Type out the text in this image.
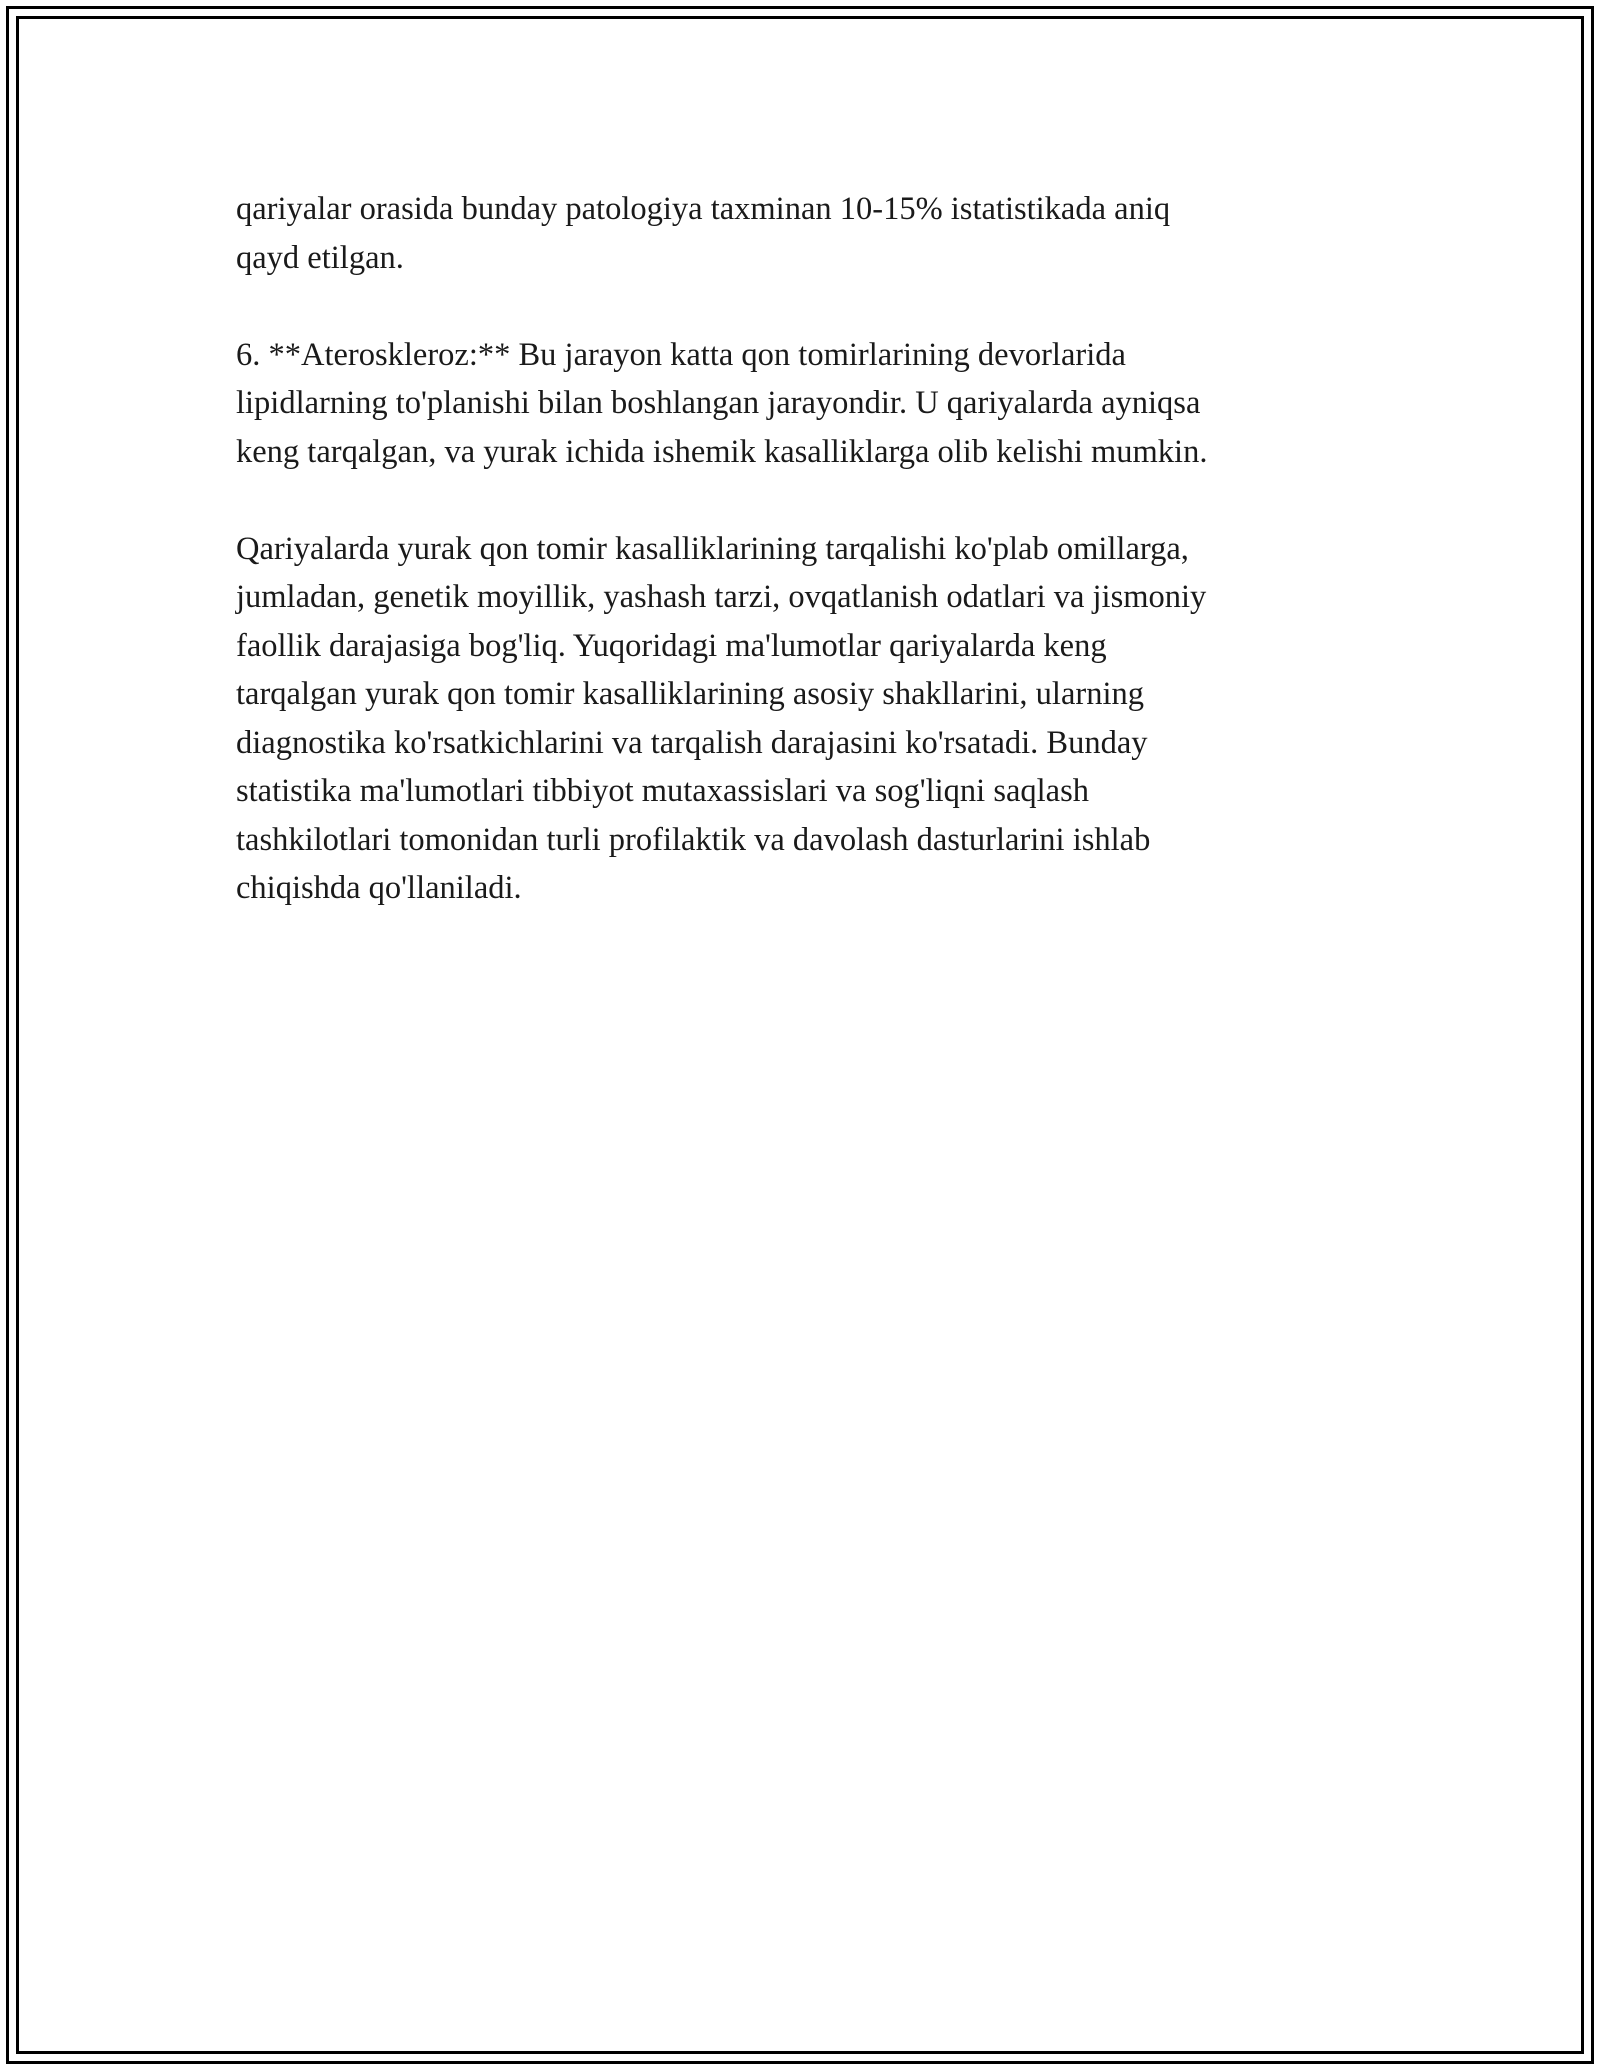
qariyalar orasida bunday patologiya taxminan 10-15% istatistikada aniq
qayd etilgan.

6. **Ateroskleroz:** Bu jarayon katta qon tomirlarining devorlarida
lipidlarning to'planishi bilan boshlangan jarayondir. U qariyalarda ayniqsa
keng tarqalgan, va yurak ichida ishemik kasalliklarga olib kelishi mumkin.

Qariyalarda yurak qon tomir kasalliklarining tarqalishi ko'plab omillarga,
jumladan, genetik moyillik, yashash tarzi, ovqatlanish odatlari va jismoniy
faollik darajasiga bog'liq. Yuqoridagi ma'lumotlar qariyalarda keng
tarqalgan yurak qon tomir kasalliklarining asosiy shakllarini, ularning
diagnostika ko'rsatkichlarini va tarqalish darajasini ko'rsatadi. Bunday
statistika ma'lumotlari tibbiyot mutaxassislari va sog'liqni saqlash
tashkilotlari tomonidan turli profilaktik va davolash dasturlarini ishlab
chiqishda qo'llaniladi.
